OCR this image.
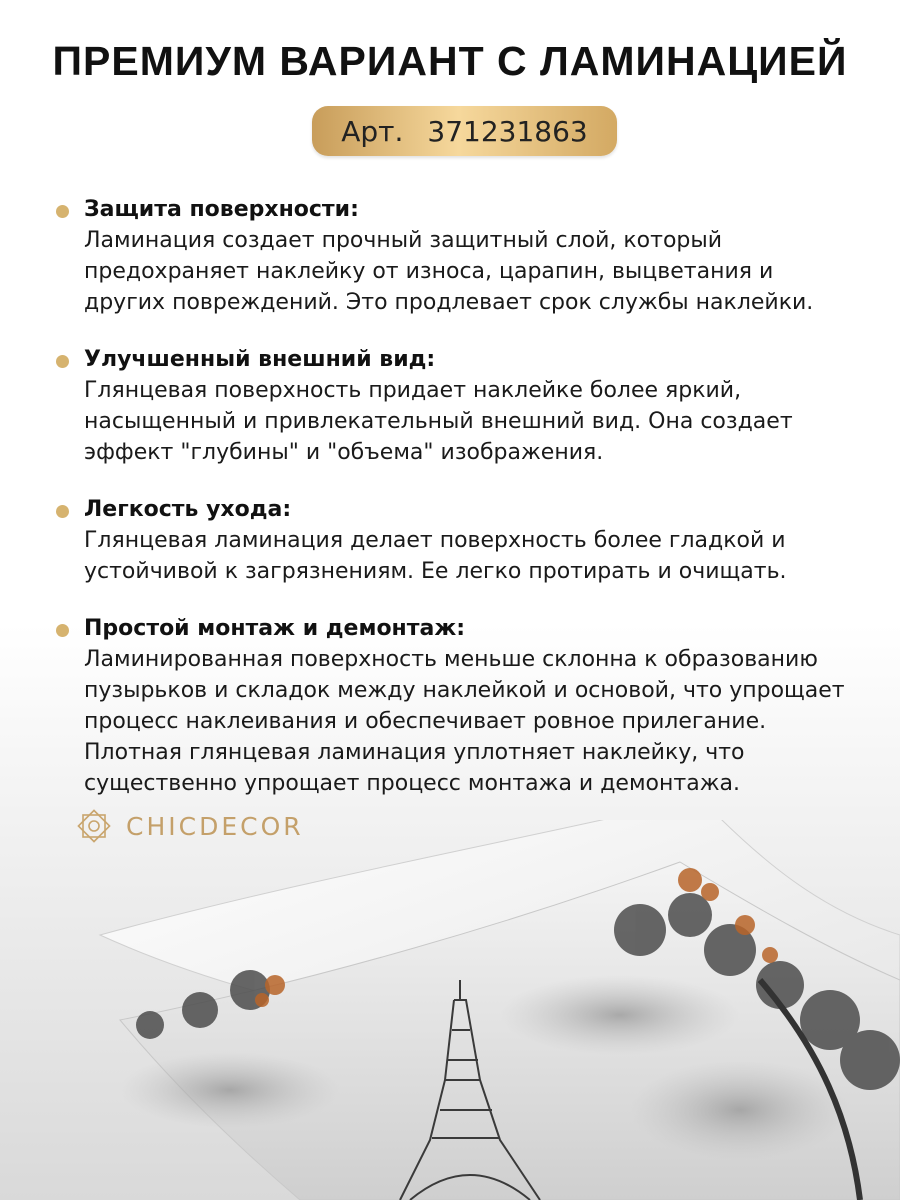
ПРЕМИУМ ВАРИАНТ С ЛАМИНАЦИЕЙ
Арт. 371231863
Защита поверхности:
Ламинация создает прочный защитный слой, который
предохраняет наклейку от износа, царапин, выцветания и
других повреждений. Это продлевает срок службы наклейки.
Улучшенный внешний вид:
Глянцевая поверхность придает наклейке более яркий,
насыщенный и привлекательный внешний вид. Она создает
эффект "глубины" и "объема" изображения.
Легкость ухода:
Глянцевая ламинация делает поверхность более гладкой и
устойчивой к загрязнениям. Ее легко протирать и очищать.
Простой монтаж и демонтаж:
Ламинированная поверхность меньше склонна к образованию
пузырьков и складок между наклейкой и основой, что упрощает
процесс наклеивания и обеспечивает ровное прилегание.
Плотная глянцевая ламинация уплотняет наклейку, что
существенно упрощает процесс монтажа и демонтажа.
CHICDECOR
